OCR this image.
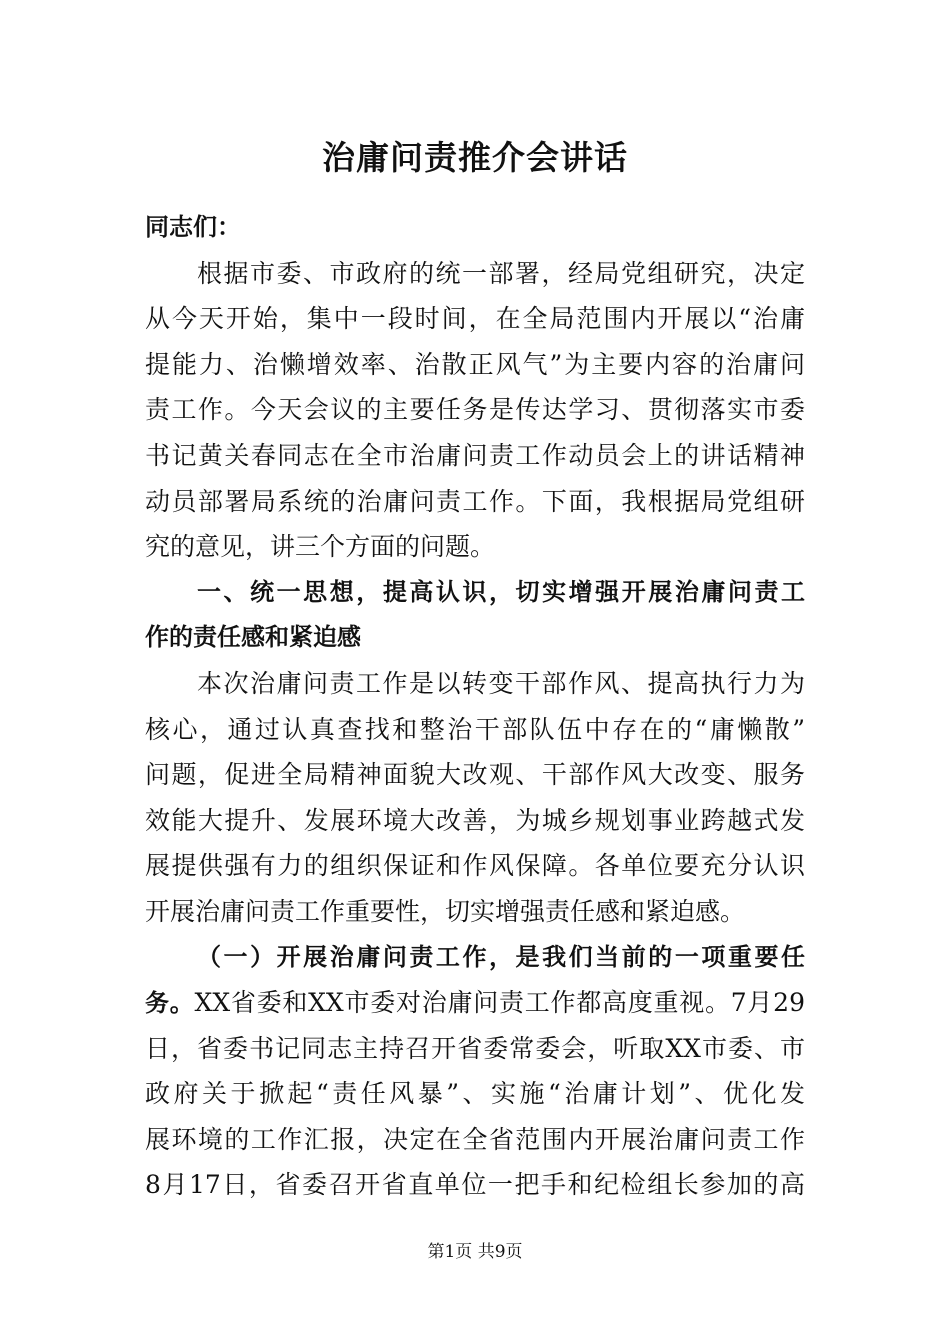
治庸问责推介会讲话
同志们：
根据市委、市政府的统一部署，经局党组研究，决定
从今天开始，集中一段时间，在全局范围内开展以“治庸
提能力、治懒增效率、治散正风气”为主要内容的治庸问
责工作。今天会议的主要任务是传达学习、贯彻落实市委
书记黄关春同志在全市治庸问责工作动员会上的讲话精神
动员部署局系统的治庸问责工作。下面，我根据局党组研
究的意见，讲三个方面的问题。
一、统一思想，提高认识，切实增强开展治庸问责工
作的责任感和紧迫感
本次治庸问责工作是以转变干部作风、提高执行力为
核心，通过认真查找和整治干部队伍中存在的“庸懒散”
问题，促进全局精神面貌大改观、干部作风大改变、服务
效能大提升、发展环境大改善，为城乡规划事业跨越式发
展提供强有力的组织保证和作风保障。各单位要充分认识
开展治庸问责工作重要性，切实增强责任感和紧迫感。
（一）开展治庸问责工作，是我们当前的一项重要任
务。XX省委和XX市委对治庸问责工作都高度重视。7月29
日，省委书记同志主持召开省委常委会，听取XX市委、市
政府关于掀起“责任风暴”、实施“治庸计划”、优化发
展环境的工作汇报，决定在全省范围内开展治庸问责工作
8月17日，省委召开省直单位一把手和纪检组长参加的高
第1页 共9页
